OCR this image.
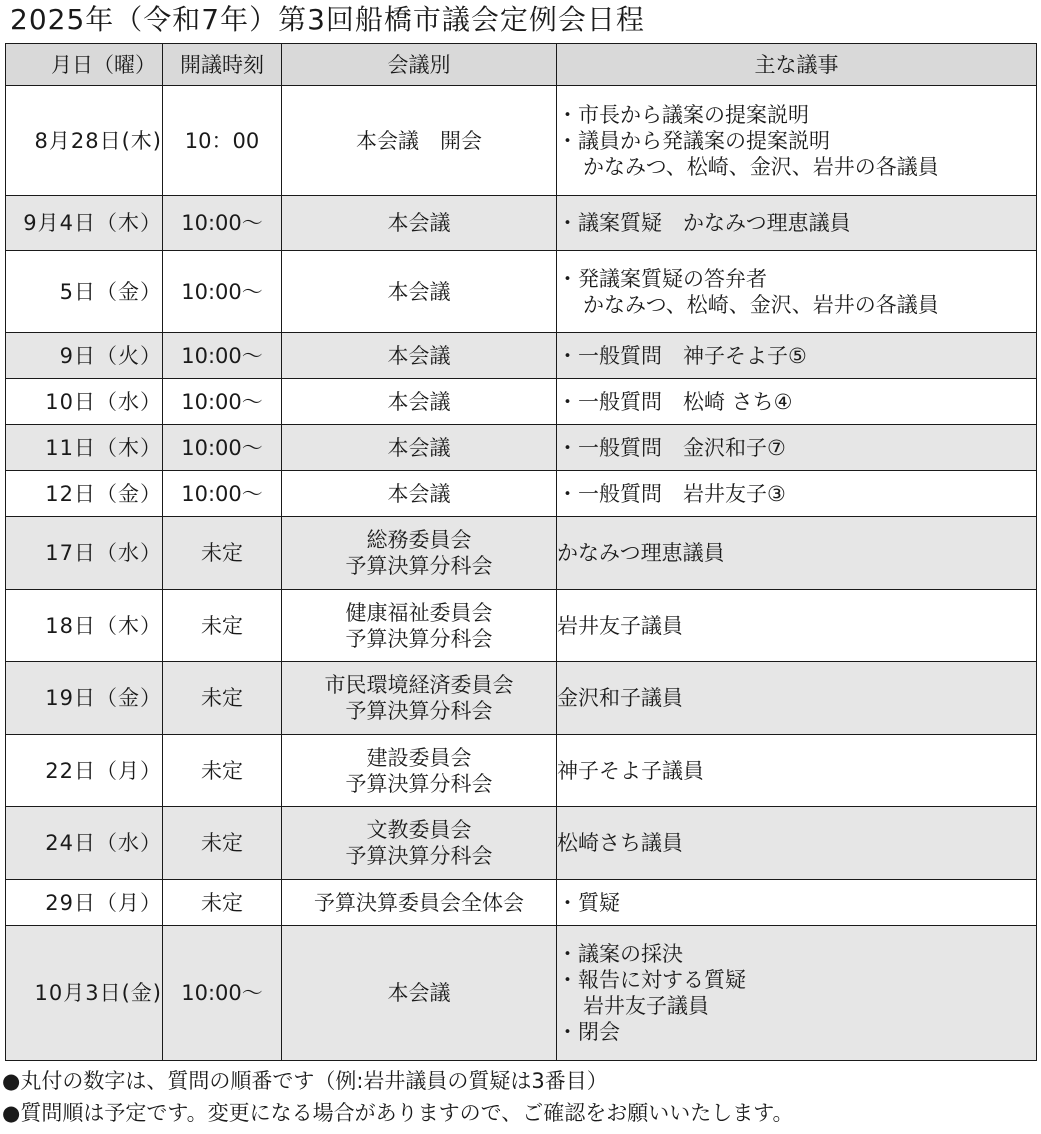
2025年（令和7年）第3回船橋市議会定例会日程
月日（曜）	開議時刻	会議別	主な議事
8月28日(木)	10：00	本会議　開会	・市長から議案の提案説明
・議員から発議案の提案説明
かなみつ、松崎、金沢、岩井の各議員

9月4日（木）	10:00～	本会議	・議案質疑　かなみつ理恵議員

5日（金）	10:00～	本会議	・発議案質疑の答弁者
かなみつ、松崎、金沢、岩井の各議員

9日（火）	10:00～	本会議	・一般質問　神子そよ子⑤

10日（水）	10:00～	本会議	・一般質問　松崎 さち④

11日（木）	10:00～	本会議	・一般質問　金沢和子⑦

12日（金）	10:00～	本会議	・一般質問　岩井友子③

17日（水）	未定	総務委員会
予算決算分科会	かなみつ理恵議員

18日（木）	未定	健康福祉委員会
予算決算分科会	岩井友子議員

19日（金）	未定	市民環境経済委員会
予算決算分科会	金沢和子議員

22日（月）	未定	建設委員会
予算決算分科会	神子そよ子議員

24日（水）	未定	文教委員会
予算決算分科会	松崎さち議員

29日（月）	未定	予算決算委員会全体会	・質疑

10月3日(金)	10:00～	本会議	・議案の採決
・報告に対する質疑
岩井友子議員
・閉会
●丸付の数字は、質問の順番です（例:岩井議員の質疑は3番目）
●質問順は予定です。変更になる場合がありますので、ご確認をお願いいたします。
